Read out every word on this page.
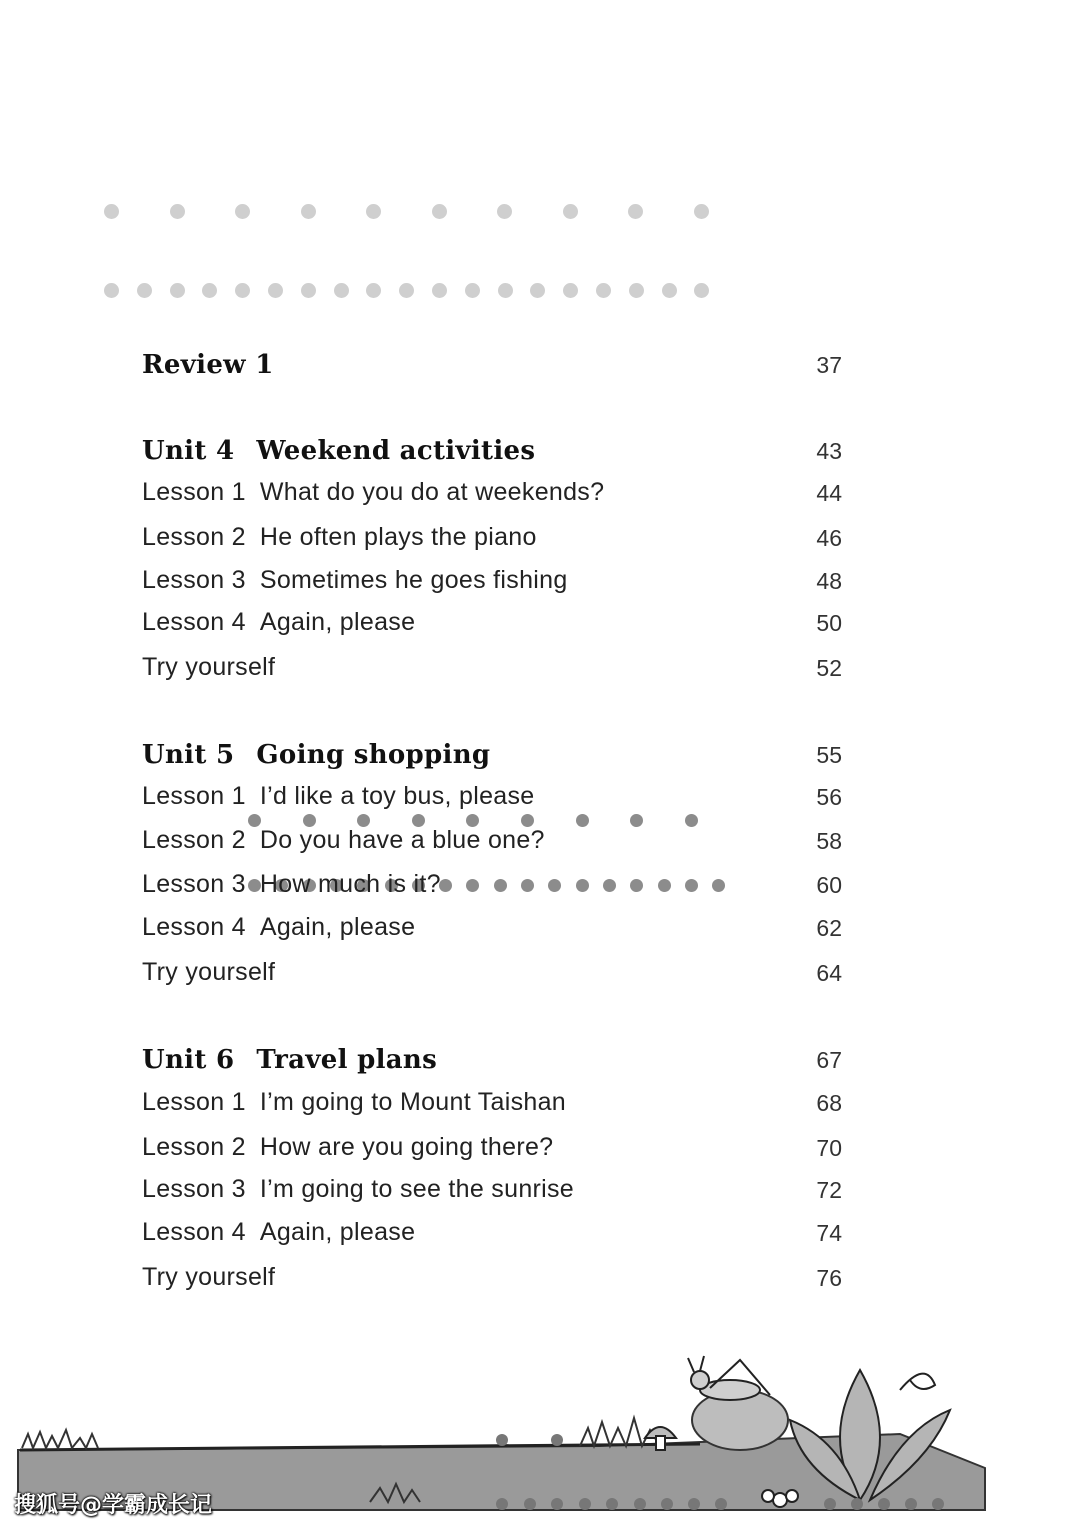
Review 1	37
Unit 4 Weekend activities	43
Lesson 1 What do you do at weekends?	44
Lesson 2 He often plays the piano	46
Lesson 3 Sometimes he goes fishing	48
Lesson 4 Again, please	50
Try yourself	52
Unit 5 Going shopping	55
Lesson 1 I’d like a toy bus, please	56
Lesson 2 Do you have a blue one?	58
Lesson 3 How much is it?	60
Lesson 4 Again, please	62
Try yourself	64
Unit 6 Travel plans	67
Lesson 1 I’m going to Mount Taishan	68
Lesson 2 How are you going there?	70
Lesson 3 I’m going to see the sunrise	72
Lesson 4 Again, please	74
Try yourself	76
搜狐号@学霸成长记
